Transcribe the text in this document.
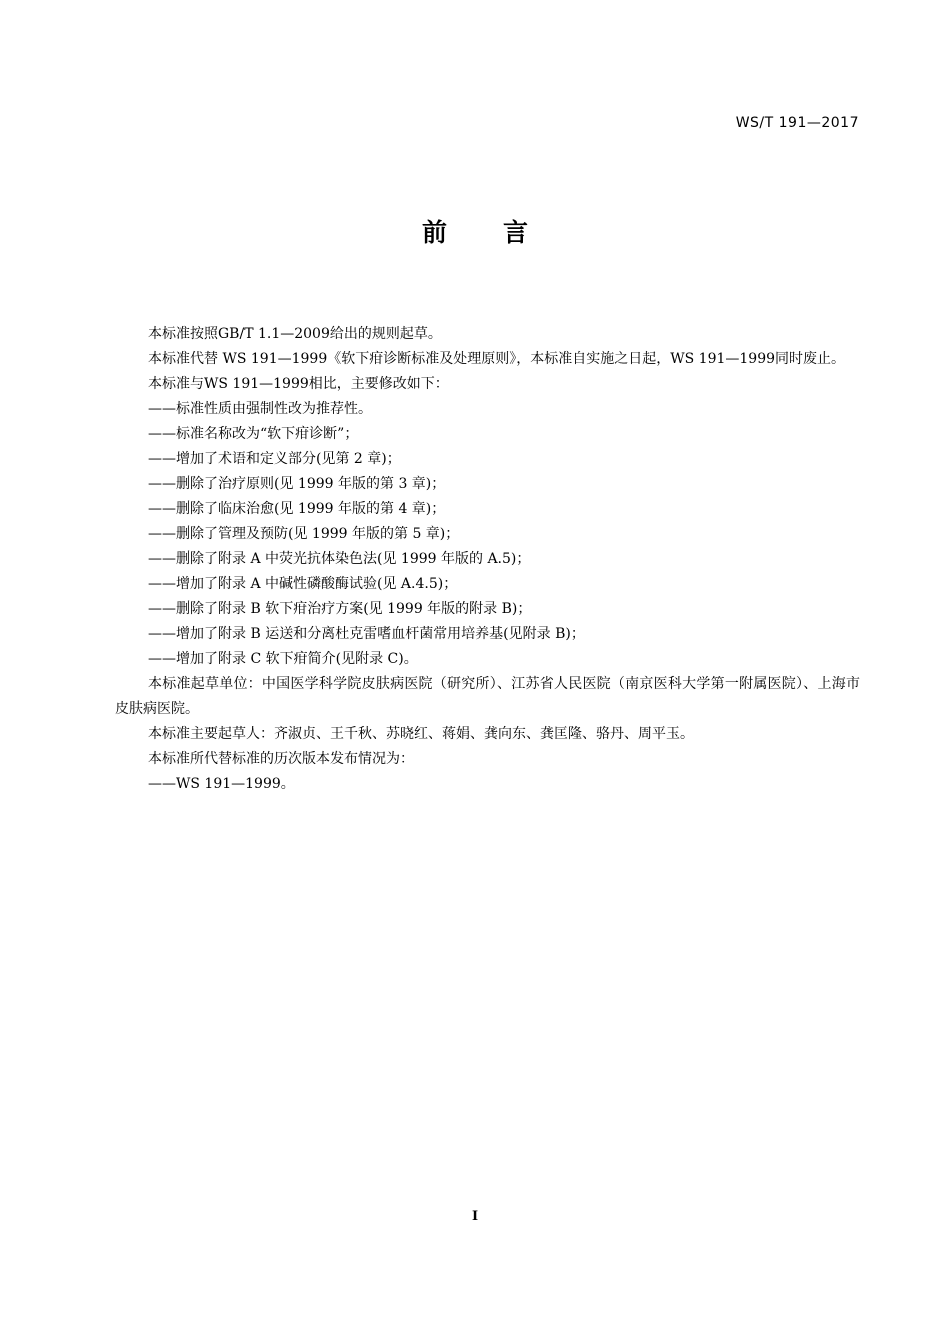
WS/T 191—2017
前言

本标准按照GB/T 1.1—2009给出的规则起草。

本标准代替 WS 191—1999《软下疳诊断标准及处理原则》，本标准自实施之日起，WS 191—1999同时废止。

本标准与WS 191—1999相比，主要修改如下：

——标准性质由强制性改为推荐性。

——标准名称改为“软下疳诊断”；

——增加了术语和定义部分(见第 2 章)；

——删除了治疗原则(见 1999 年版的第 3 章)；

——删除了临床治愈(见 1999 年版的第 4 章)；

——删除了管理及预防(见 1999 年版的第 5 章)；

——删除了附录 A 中荧光抗体染色法(见 1999 年版的 A.5)；

——增加了附录 A 中碱性磷酸酶试验(见 A.4.5)；

——删除了附录 B 软下疳治疗方案(见 1999 年版的附录 B)；

——增加了附录 B 运送和分离杜克雷嗜血杆菌常用培养基(见附录 B)；

——增加了附录 C 软下疳简介(见附录 C)。

本标准起草单位：中国医学科学院皮肤病医院（研究所）、江苏省人民医院（南京医科大学第一附属医院）、上海市皮肤病医院。

本标准主要起草人：齐淑贞、王千秋、苏晓红、蒋娟、龚向东、龚匡隆、骆丹、周平玉。

本标准所代替标准的历次版本发布情况为：

——WS 191—1999。

I
